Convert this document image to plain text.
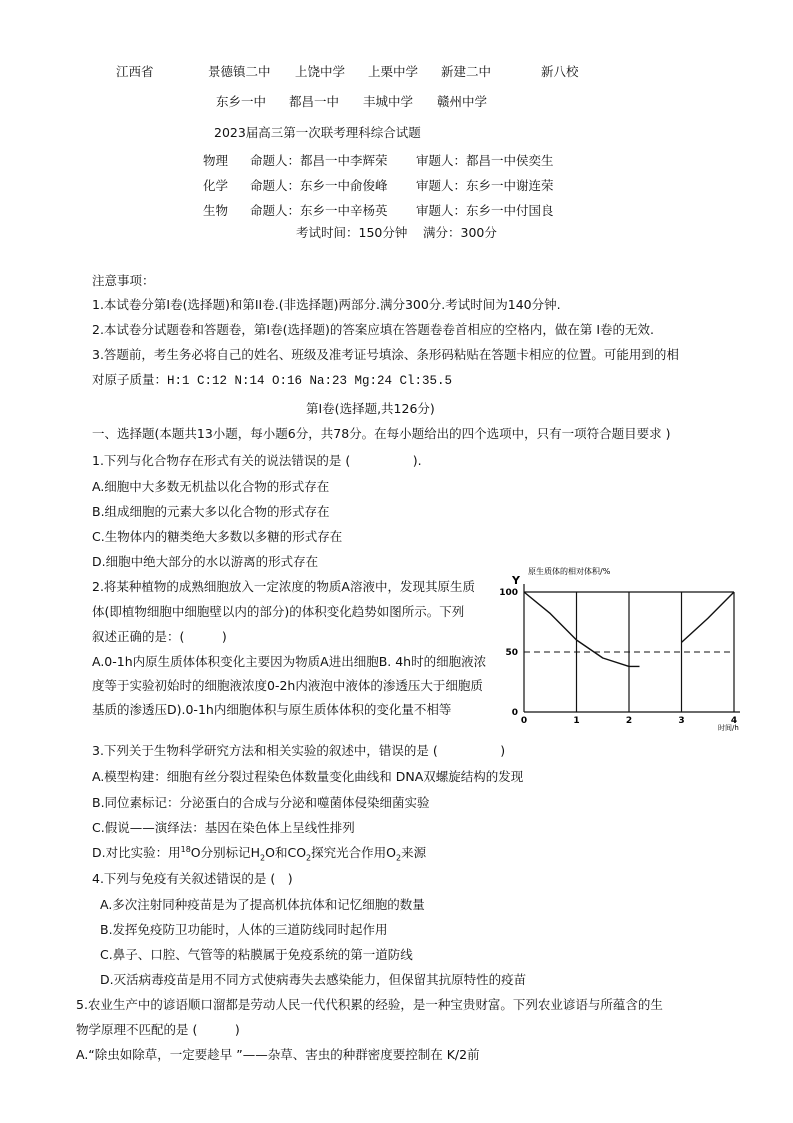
江西省	景德镇二中 上饶中学 上栗中学 新建二中	新八校
东乡一中 都昌一中 丰城中学 赣州中学
2023届高三第一次联考理科综合试题
物理 命题人：都昌一中李辉荣 审题人：都昌一中侯奕生
化学 命题人：东乡一中俞俊峰 审题人：东乡一中谢连荣
生物 命题人：东乡一中辛杨英 审题人：东乡一中付国良
考试时间：150分钟 满分：300分
注意事项：
1.本试卷分第I卷(选择题)和第II卷.(非选择题)两部分.满分300分.考试时间为140分钟.
2.本试卷分试题卷和答题卷，第I卷(选择题)的答案应填在答题卷卷首相应的空格内，做在第 I卷的无效.
3.答题前，考生务必将自己的姓名、班级及准考证号填涂、条形码粘贴在答题卡相应的位置。可能用到的相
对原子质量：H:1 C:12 N:14 O:16 Na:23 Mg:24 Cl:35.5
第I卷(选择题,共126分)
一、选择题(本题共13小题，每小题6分，共78分。在每小题给出的四个选项中，只有一项符合题目要求 )
1.下列与化合物存在形式有关的说法错误的是 (　　　　　).
A.细胞中大多数无机盐以化合物的形式存在
B.组成细胞的元素大多以化合物的形式存在
C.生物体内的糖类绝大多数以多糖的形式存在
D.细胞中绝大部分的水以游离的形式存在
2.将某种植物的成熟细胞放入一定浓度的物质A溶液中，发现其原生质
体(即植物细胞中细胞壁以内的部分)的体积变化趋势如图所示。下列
叙述正确的是：(　　　)
A.0-1h内原生质体体积变化主要因为物质A进出细胞B. 4h时的细胞液浓
度等于实验初始时的细胞液浓度0-2h内液泡中液体的渗透压大于细胞质
基质的渗透压D).0-1h内细胞体积与原生质体体积的变化量不相等
原生质体的相对体积/%
Y
0
50
100
0	1	2	3	4
时间/h
3.下列关于生物科学研究方法和相关实验的叙述中，错误的是 (　　　　　)
A.模型构建：细胞有丝分裂过程染色体数量变化曲线和 DNA双螺旋结构的发现
B.同位素标记：分泌蛋白的合成与分泌和噬菌体侵染细菌实验
C.假说——演绎法：基因在染色体上呈线性排列
D.对比实验：用$^{18}$O分别标记$H_2O$和$CO_2$探究光合作用$O_2$来源
4.下列与免疫有关叙述错误的是 (　)
A.多次注射同种疫苗是为了提高机体抗体和记忆细胞的数量
B.发挥免疫防卫功能时，人体的三道防线同时起作用
C.鼻子、口腔、气管等的粘膜属于免疫系统的第一道防线
D.灭活病毒疫苗是用不同方式使病毒失去感染能力，但保留其抗原特性的疫苗
5.农业生产中的谚语顺口溜都是劳动人民一代代积累的经验，是一种宝贵财富。下列农业谚语与所蕴含的生
物学原理不匹配的是 (　　　)
A.“除虫如除草，一定要趁早 ”——杂草、害虫的种群密度要控制在 K/2前
